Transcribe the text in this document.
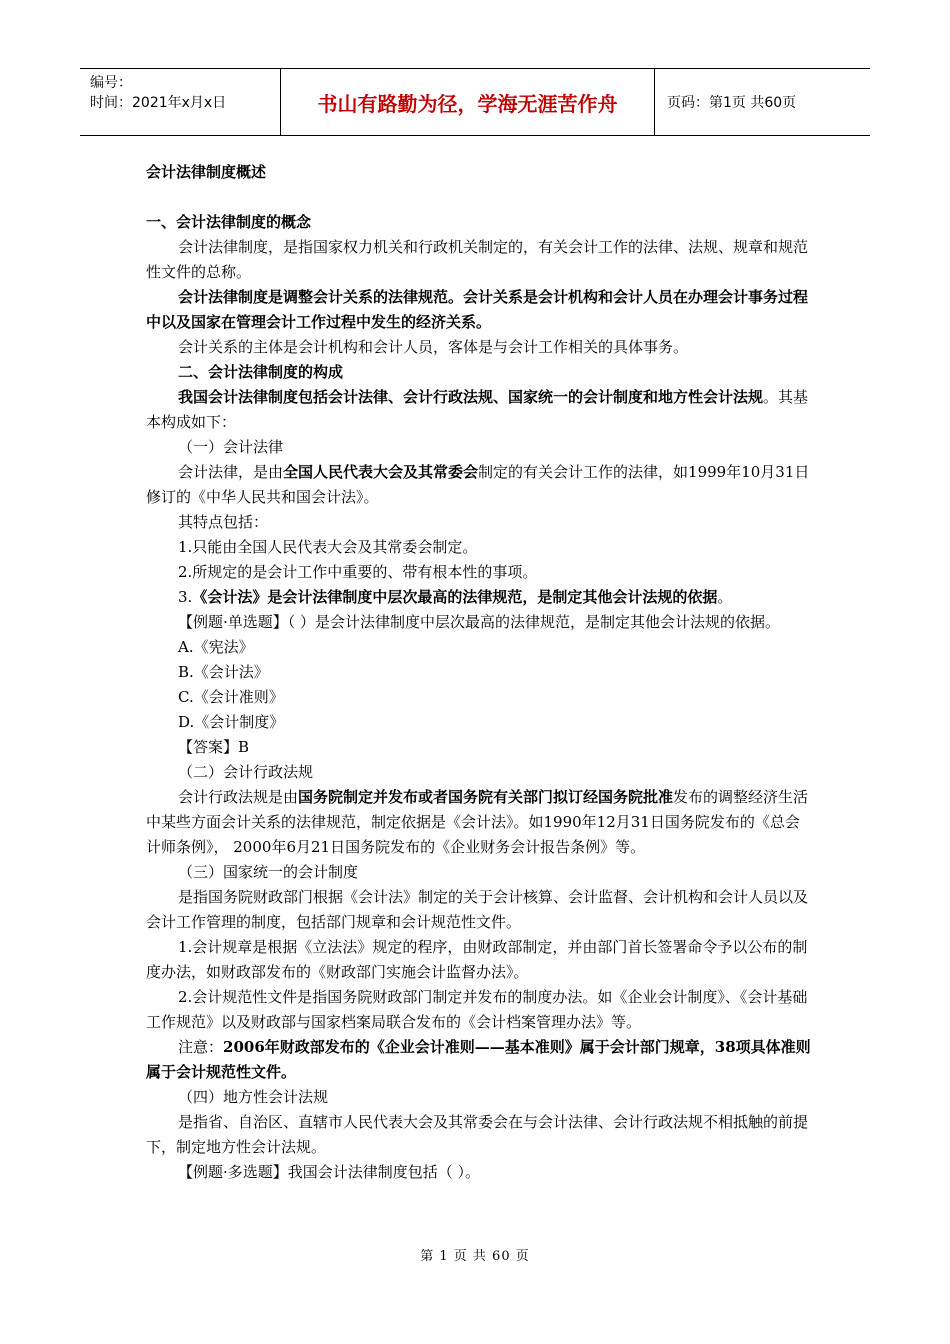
编号：
时间：2021年x月x日	书山有路勤为径，学海无涯苦作舟	页码：第1页 共60页

会计法律制度概述

一、会计法律制度的概念

会计法律制度，是指国家权力机关和行政机关制定的，有关会计工作的法律、法规、规章和规范性文件的总称。

会计法律制度是调整会计关系的法律规范。会计关系是会计机构和会计人员在办理会计事务过程中以及国家在管理会计工作过程中发生的经济关系。

会计关系的主体是会计机构和会计人员，客体是与会计工作相关的具体事务。

二、会计法律制度的构成

我国会计法律制度包括会计法律、会计行政法规、国家统一的会计制度和地方性会计法规。其基本构成如下：

（一）会计法律

会计法律，是由全国人民代表大会及其常委会制定的有关会计工作的法律，如1999年10月31日修订的《中华人民共和国会计法》。

其特点包括：

1.只能由全国人民代表大会及其常委会制定。

2.所规定的是会计工作中重要的、带有根本性的事项。

3.《会计法》是会计法律制度中层次最高的法律规范，是制定其他会计法规的依据。

【例题·单选题】（ ）是会计法律制度中层次最高的法律规范，是制定其他会计法规的依据。

A.《宪法》

B.《会计法》

C.《会计准则》

D.《会计制度》

【答案】B

（二）会计行政法规

会计行政法规是由国务院制定并发布或者国务院有关部门拟订经国务院批准发布的调整经济生活中某些方面会计关系的法律规范，制定依据是《会计法》。如1990年12月31日国务院发布的《总会计师条例》， 2000年6月21日国务院发布的《企业财务会计报告条例》等。

（三）国家统一的会计制度

是指国务院财政部门根据《会计法》制定的关于会计核算、会计监督、会计机构和会计人员以及会计工作管理的制度，包括部门规章和会计规范性文件。

1.会计规章是根据《立法法》规定的程序，由财政部制定，并由部门首长签署命令予以公布的制度办法，如财政部发布的《财政部门实施会计监督办法》。

2.会计规范性文件是指国务院财政部门制定并发布的制度办法。如《企业会计制度》、《会计基础工作规范》以及财政部与国家档案局联合发布的《会计档案管理办法》等。

注意：2006年财政部发布的《企业会计准则——基本准则》属于会计部门规章，38项具体准则属于会计规范性文件。

（四）地方性会计法规

是指省、自治区、直辖市人民代表大会及其常委会在与会计法律、会计行政法规不相抵触的前提下，制定地方性会计法规。

【例题·多选题】我国会计法律制度包括（ ）。

第 1 页 共 60 页
